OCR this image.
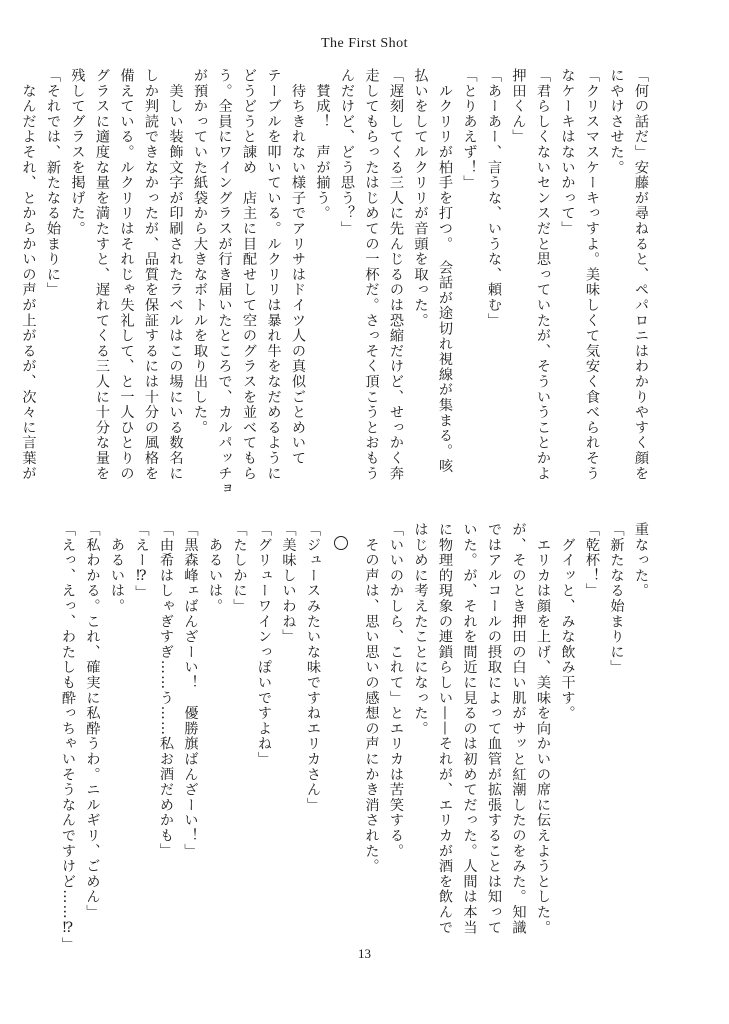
The First Shot
「何の話だ」安藤が尋ねると、ペパロニはわかりやすく顔を
にやけさせた。
「クリスマスケーキっすよ。美味しくて気安く食べられそう
なケーキはないかって」
「君らしくないセンスだと思っていたが、そういうことかよ
押田くん」
「あーあー、言うな、いうな、頼む」
「とりあえず！」
　ルクリリが柏手を打つ。　会話が途切れ視線が集まる。咳
払いをしてルクリリが音頭を取った。
「遅刻してくる三人に先んじるのは恐縮だけど、せっかく奔
走してもらったはじめての一杯だ。さっそく頂こうとおもう
んだけど、どう思う？」
　賛成！　声が揃う。
　待ちきれない様子でアリサはドイツ人の真似ごとめいて
テーブルを叩いている。ルクリリは暴れ牛をなだめるように
どうどうと諌め　店主に目配せして空のグラスを並べてもら
う。全員にワイングラスが行き届いたところで、カルパッチョ
が預かっていた紙袋から大きなボトルを取り出した。
　美しい装飾文字が印刷されたラベルはこの場にいる数名に
しか判読できなかったが、品質を保証するには十分の風格を
備えている。ルクリリはそれじゃ失礼して、と一人ひとりの
グラスに適度な量を満たすと、遅れてくる三人に十分な量を
残してグラスを掲げた。
「それでは、新たなる始まりに」
　なんだよそれ、とからかいの声が上がるが、次々に言葉が
重なった。
「新たなる始まりに」
「乾杯！」
　グイッと、みな飲み干す。
　エリカは顔を上げ、美味を向かいの席に伝えようとした。
が、そのとき押田の白い肌がサッと紅潮したのをみた。知識
ではアルコールの摂取によって血管が拡張することは知って
いた。が、それを間近に見るのは初めてだった。人間は本当
に物理的現象の連鎖らしい——それが、エリカが酒を飲んで
はじめに考えたことになった。
「いいのかしら、これて」とエリカは苦笑する。
　その声は、思い思いの感想の声にかき消された。
「ジュースみたいな味ですねエリカさん」
「美味しいわね」
「グリューワインっぽいですよね」
「たしかに」
　あるいは。
「黒森峰ェばんざーい！　優勝旗ばんざーい！」
「由希はしゃぎすぎ……う……私お酒だめかも」
「えー⁉」
　あるいは。
「私わかる。これ、確実に私酔うわ。ニルギリ、ごめん」
「えっ、えっ、わたしも酔っちゃいそうなんですけど……⁉」
13
